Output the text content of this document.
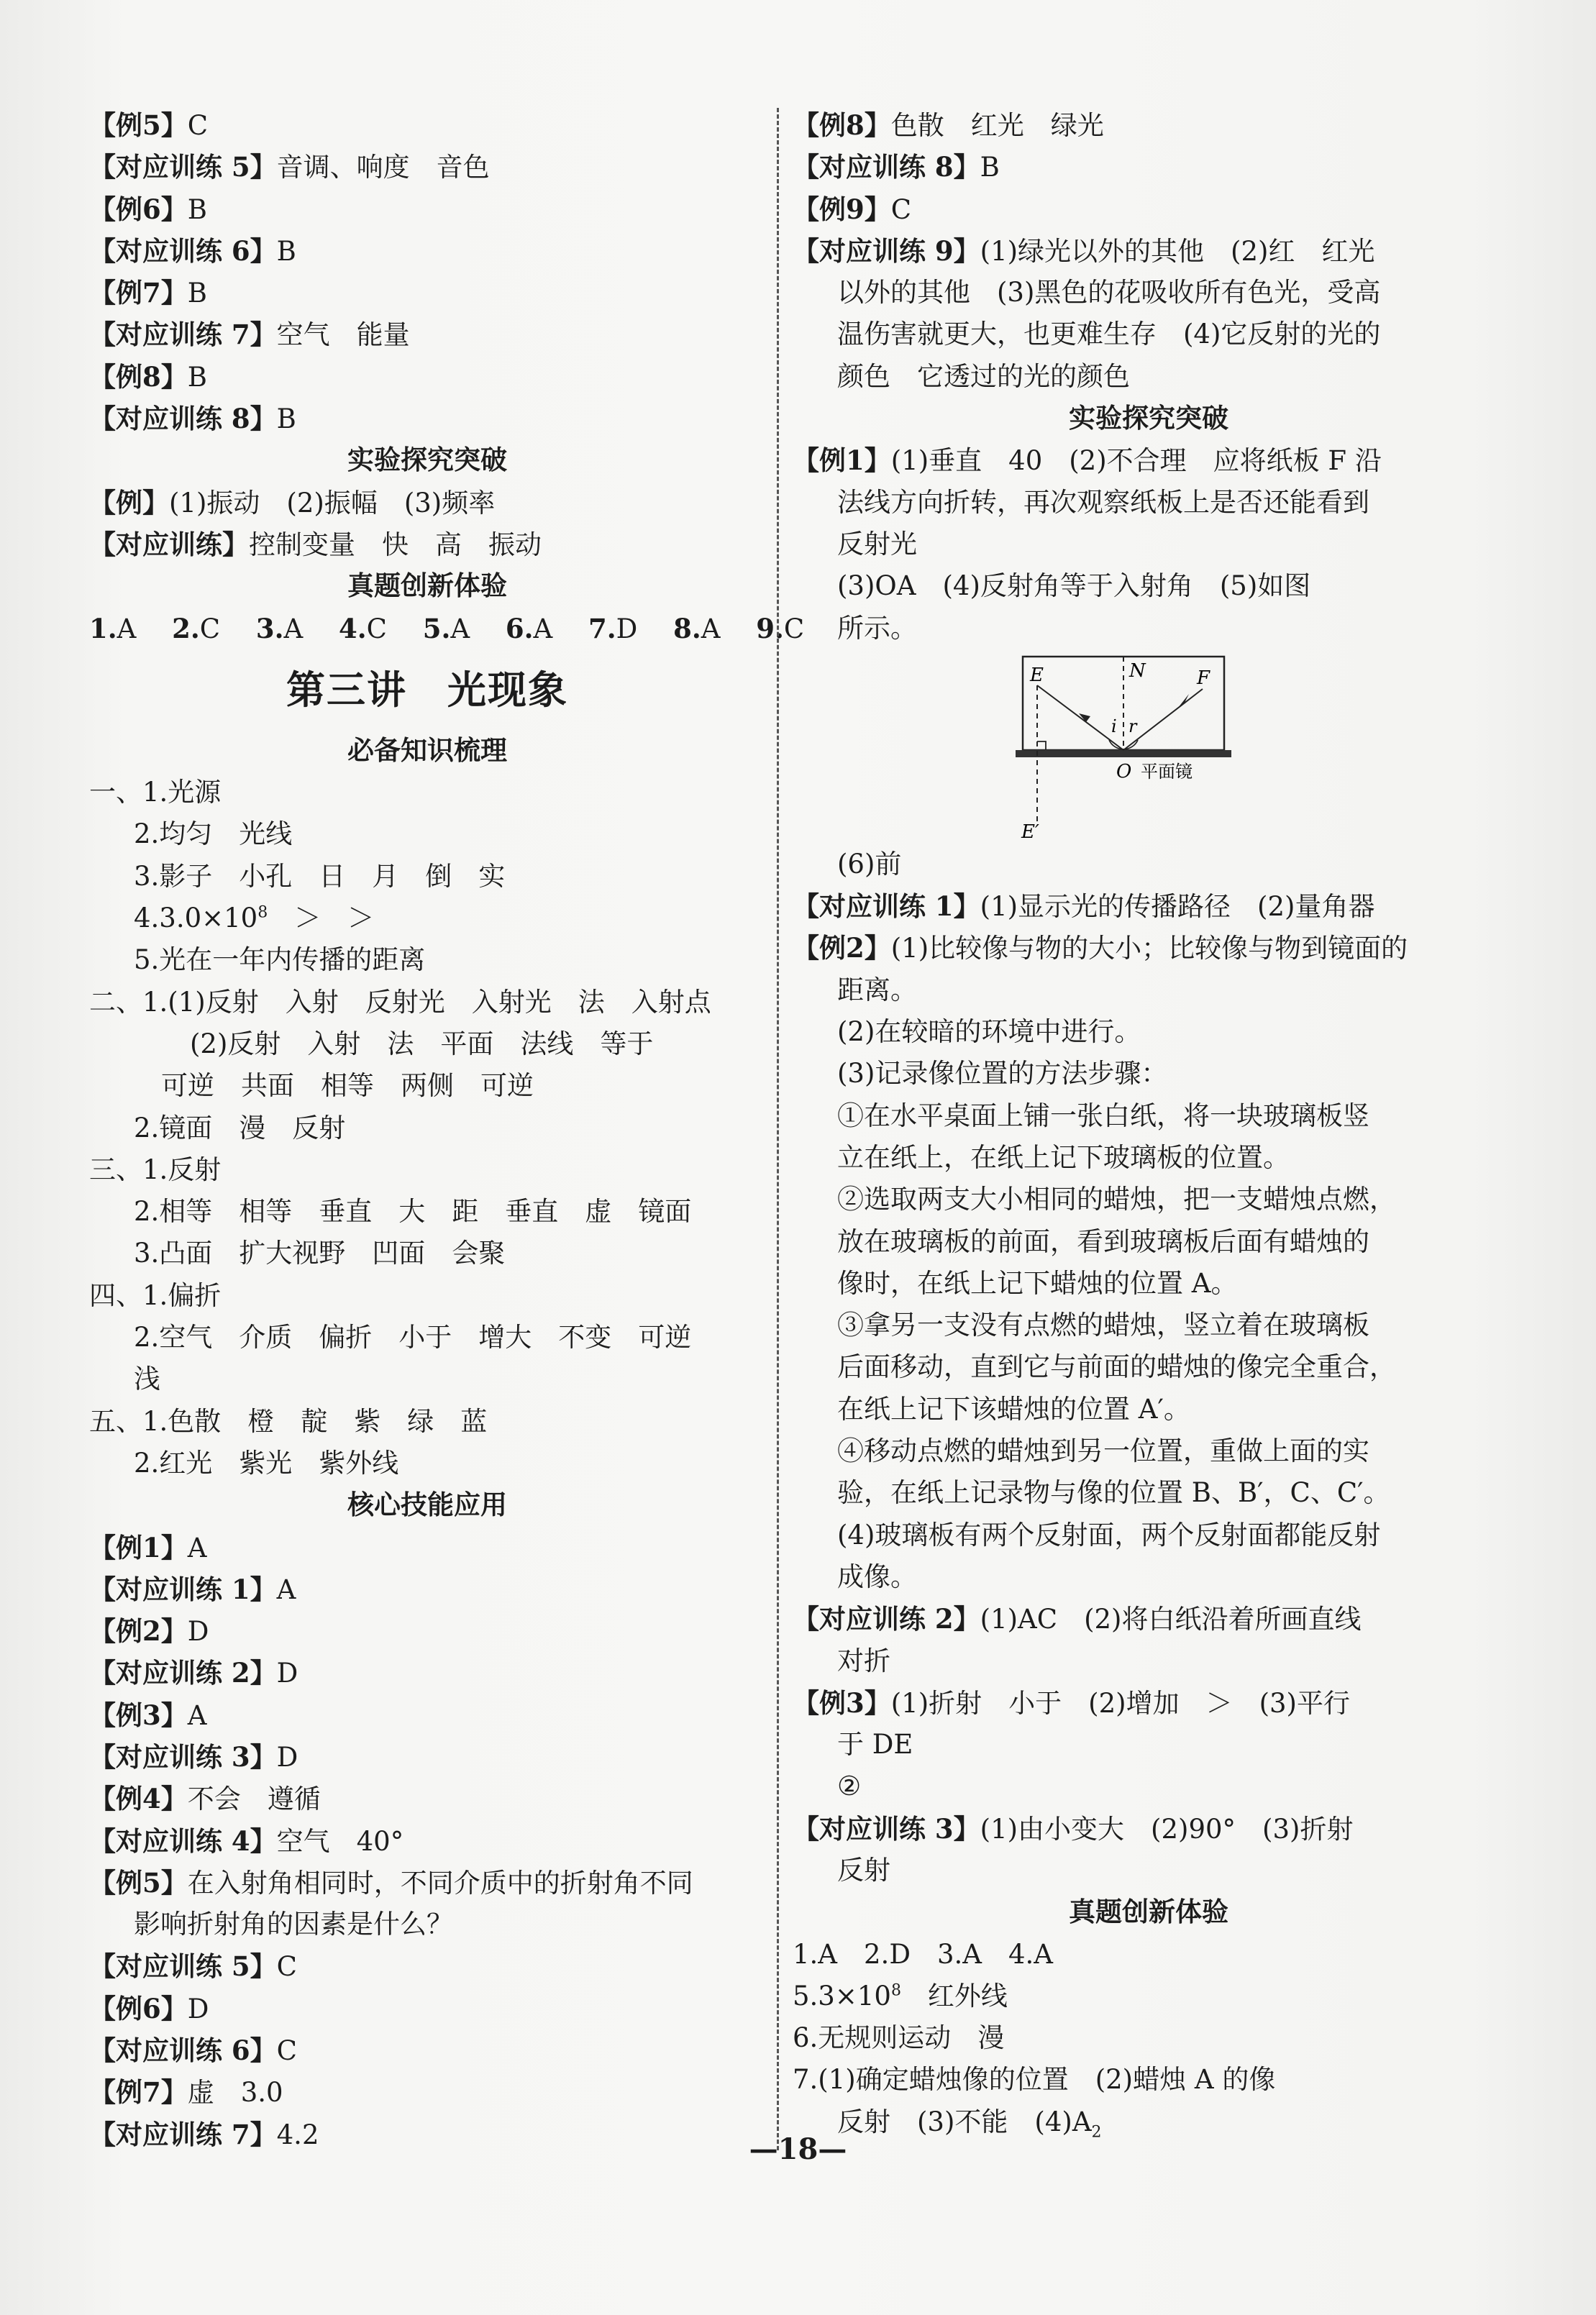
【例5】C
【对应训练 5】音调、响度　音色
【例6】B
【对应训练 6】B
【例7】B
【对应训练 7】空气　能量
【例8】B
【对应训练 8】B
实验探究突破
【例】(1)振动　(2)振幅　(3)频率
【对应训练】控制变量　快　高　振动
真题创新体验
1.A 2.C 3.A 4.C 5.A 6.A 7.D 8.A 9.C
第三讲　光现象
必备知识梳理
一、1.光源
2.均匀　光线
3.影子　小孔　日　月　倒　实
$4.3.0\times 10^8$　＞　＞
5.光在一年内传播的距离
二、1.(1)反射　入射　反射光　入射光　法　入射点
(2)反射　入射　法　平面　法线　等于
可逆　共面　相等　两侧　可逆
2.镜面　漫　反射
三、1.反射
2.相等　相等　垂直　大　距　垂直　虚　镜面
3.凸面　扩大视野　凹面　会聚
四、1.偏折
2.空气　介质　偏折　小于　增大　不变　可逆
浅
五、1.色散　橙　靛　紫　绿　蓝
2.红光　紫光　紫外线
核心技能应用
【例1】A
【对应训练 1】A
【例2】D
【对应训练 2】D
【例3】A
【对应训练 3】D
【例4】不会　遵循
【对应训练 4】空气　40°
【例5】在入射角相同时，不同介质中的折射角不同
影响折射角的因素是什么？
【对应训练 5】C
【例6】D
【对应训练 6】C
【例7】虚　3.0
【对应训练 7】4.2
【例8】色散　红光　绿光
【对应训练 8】B
【例9】C
【对应训练 9】(1)绿光以外的其他　(2)红　红光
以外的其他　(3)黑色的花吸收所有色光，受高
温伤害就更大，也更难生存　(4)它反射的光的
颜色　它透过的光的颜色
实验探究突破
【例1】(1)垂直　40　(2)不合理　应将纸板 F 沿
法线方向折转，再次观察纸板上是否还能看到
反射光
(3)OA　(4)反射角等于入射角　(5)如图
所示。
E	N	F
i r
O 平面镜
E′
(6)前
【对应训练 1】(1)显示光的传播路径　(2)量角器
【例2】(1)比较像与物的大小；比较像与物到镜面的
距离。
(2)在较暗的环境中进行。
(3)记录像位置的方法步骤：
①在水平桌面上铺一张白纸，将一块玻璃板竖
立在纸上，在纸上记下玻璃板的位置。
②选取两支大小相同的蜡烛，把一支蜡烛点燃，
放在玻璃板的前面，看到玻璃板后面有蜡烛的
像时，在纸上记下蜡烛的位置 A。
③拿另一支没有点燃的蜡烛，竖立着在玻璃板
后面移动，直到它与前面的蜡烛的像完全重合，
在纸上记下该蜡烛的位置 A′。
④移动点燃的蜡烛到另一位置，重做上面的实
验，在纸上记录物与像的位置 B、B′，C、C′。
(4)玻璃板有两个反射面，两个反射面都能反射
成像。
【对应训练 2】(1)AC　(2)将白纸沿着所画直线
对折
【例3】(1)折射　小于　(2)增加　＞　(3)平行
于 DE
②
【对应训练 3】(1)由小变大　(2)90°　(3)折射
反射
真题创新体验
1.A　2.D　3.A　4.A
$5.3\times 10^8$　红外线
6.无规则运动　漫
7.(1)确定蜡烛像的位置　(2)蜡烛 A 的像
反射　(3)不能　$(4)A_2$
—18—
